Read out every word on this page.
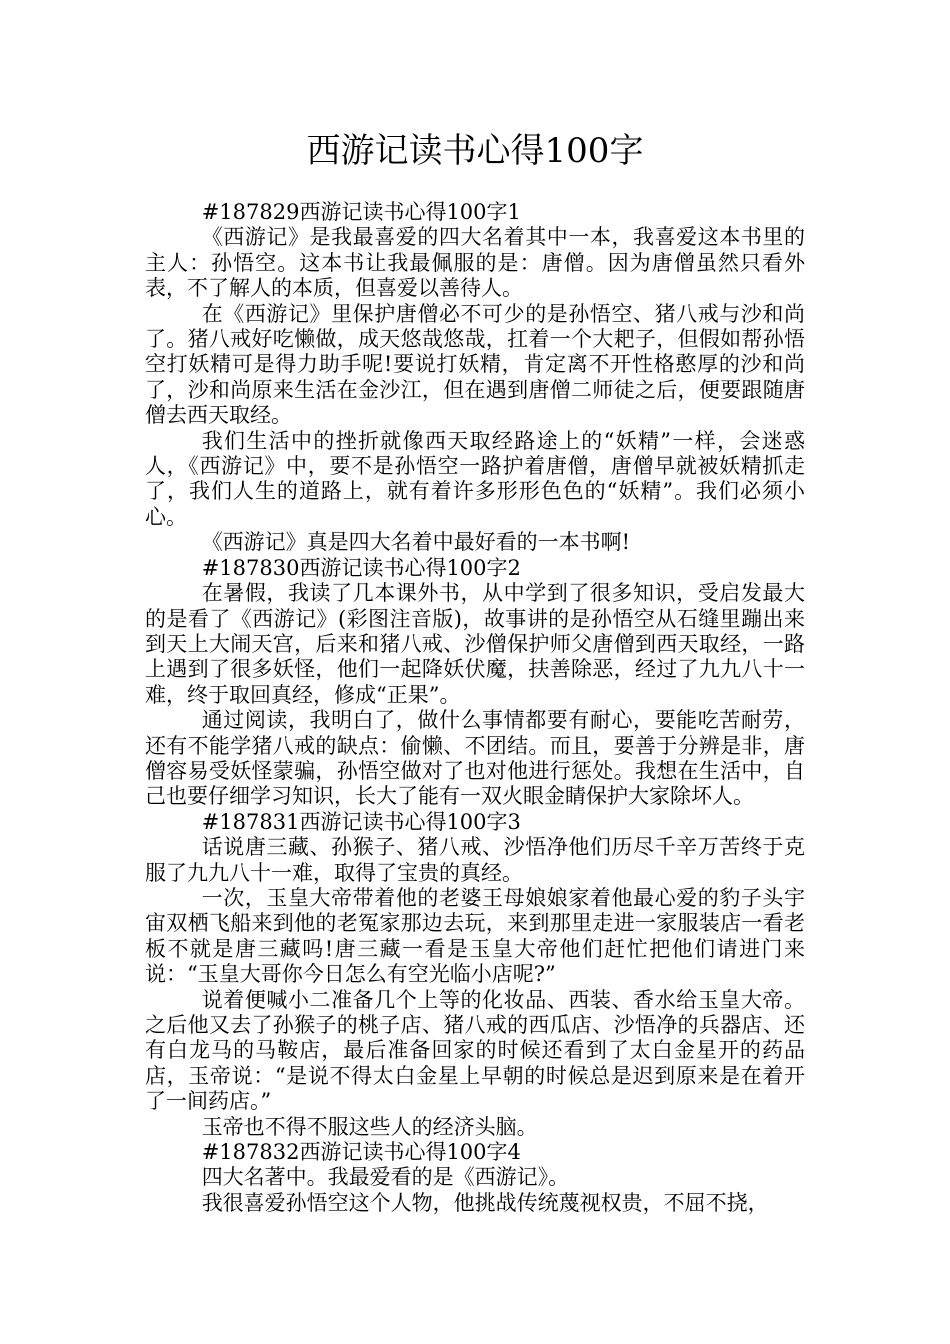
西游记读书心得100字

#187829西游记读书心得100字1

《西游记》是我最喜爱的四大名着其中一本，我喜爱这本书里的主人：孙悟空。这本书让我最佩服的是：唐僧。因为唐僧虽然只看外表，不了解人的本质，但喜爱以善待人。

在《西游记》里保护唐僧必不可少的是孙悟空、猪八戒与沙和尚了。猪八戒好吃懒做，成天悠哉悠哉，扛着一个大耙子，但假如帮孙悟空打妖精可是得力助手呢!要说打妖精，肯定离不开性格憨厚的沙和尚了，沙和尚原来生活在金沙江，但在遇到唐僧二师徒之后，便要跟随唐僧去西天取经。

我们生活中的挫折就像西天取经路途上的“妖精”一样，会迷惑人，《西游记》中，要不是孙悟空一路护着唐僧，唐僧早就被妖精抓走了，我们人生的道路上，就有着许多形形色色的“妖精”。我们必须小心。

《西游记》真是四大名着中最好看的一本书啊!

#187830西游记读书心得100字2

在暑假，我读了几本课外书，从中学到了很多知识，受启发最大的是看了《西游记》(彩图注音版)，故事讲的是孙悟空从石缝里蹦出来到天上大闹天宫，后来和猪八戒、沙僧保护师父唐僧到西天取经，一路上遇到了很多妖怪，他们一起降妖伏魔，扶善除恶，经过了九九八十一难，终于取回真经，修成“正果”。

通过阅读，我明白了，做什么事情都要有耐心，要能吃苦耐劳，还有不能学猪八戒的缺点：偷懒、不团结。而且，要善于分辨是非，唐僧容易受妖怪蒙骗，孙悟空做对了也对他进行惩处。我想在生活中，自己也要仔细学习知识，长大了能有一双火眼金睛保护大家除坏人。

#187831西游记读书心得100字3

话说唐三藏、孙猴子、猪八戒、沙悟净他们历尽千辛万苦终于克服了九九八十一难，取得了宝贵的真经。

一次，玉皇大帝带着他的老婆王母娘娘家着他最心爱的豹子头宇宙双栖飞船来到他的老冤家那边去玩，来到那里走进一家服装店一看老板不就是唐三藏吗!唐三藏一看是玉皇大帝他们赶忙把他们请进门来说：“玉皇大哥你今日怎么有空光临小店呢?”

说着便喊小二准备几个上等的化妆品、西装、香水给玉皇大帝。之后他又去了孙猴子的桃子店、猪八戒的西瓜店、沙悟净的兵器店、还有白龙马的马鞍店，最后准备回家的时候还看到了太白金星开的药品店，玉帝说：“是说不得太白金星上早朝的时候总是迟到原来是在着开了一间药店。”

玉帝也不得不服这些人的经济头脑。

#187832西游记读书心得100字4

四大名著中。我最爱看的是《西游记》。

我很喜爱孙悟空这个人物，他挑战传统蔑视权贵，不屈不挠，
